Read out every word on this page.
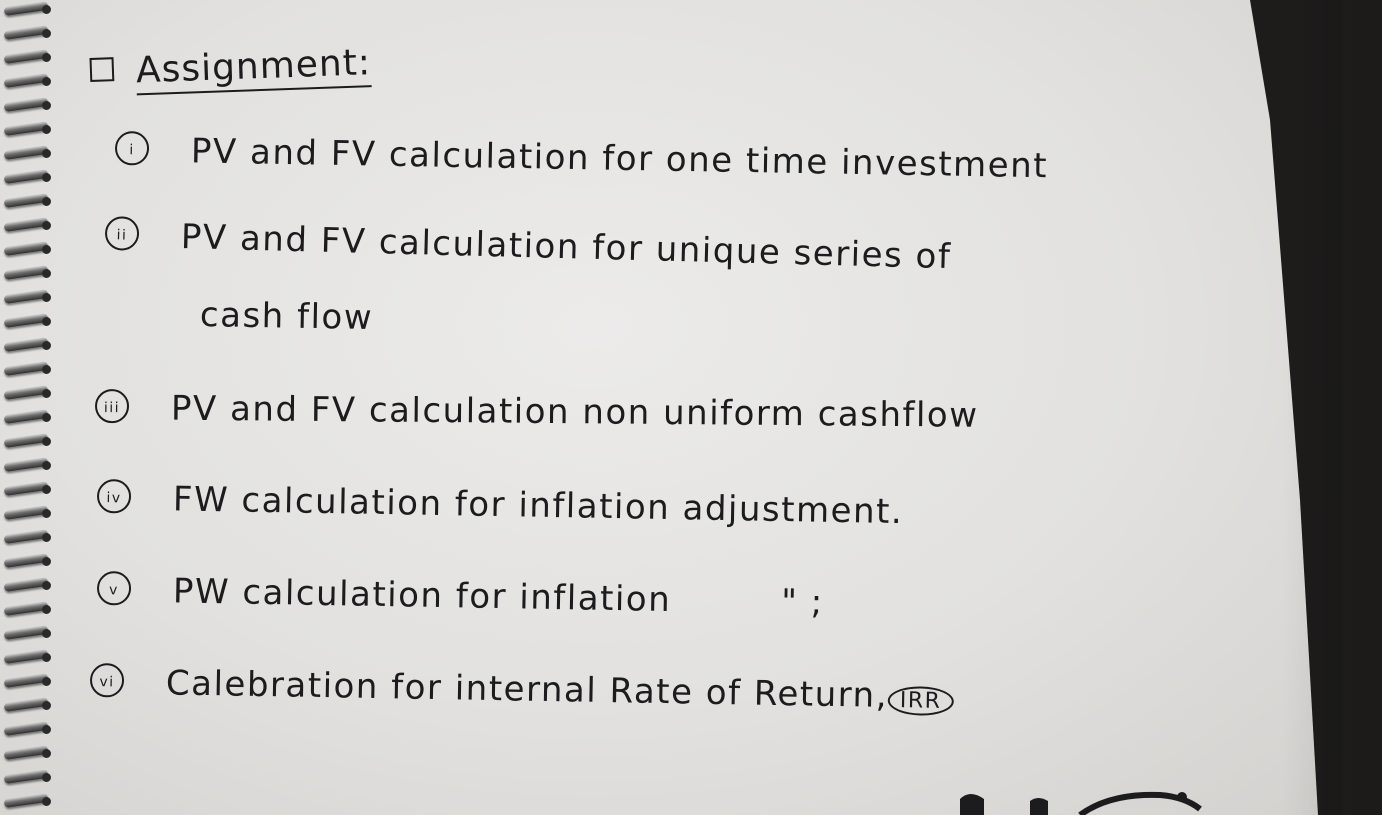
Assignment:
i PV and FV calculation for one time investment
ii PV and FV calculation for unique series of
cash flow
iii PV and FV calculation non uniform cashflow
iv FW calculation for inflation adjustment.
v PW calculation for inflation	" ;
vi Calebration for internal Rate of Return, IRR
